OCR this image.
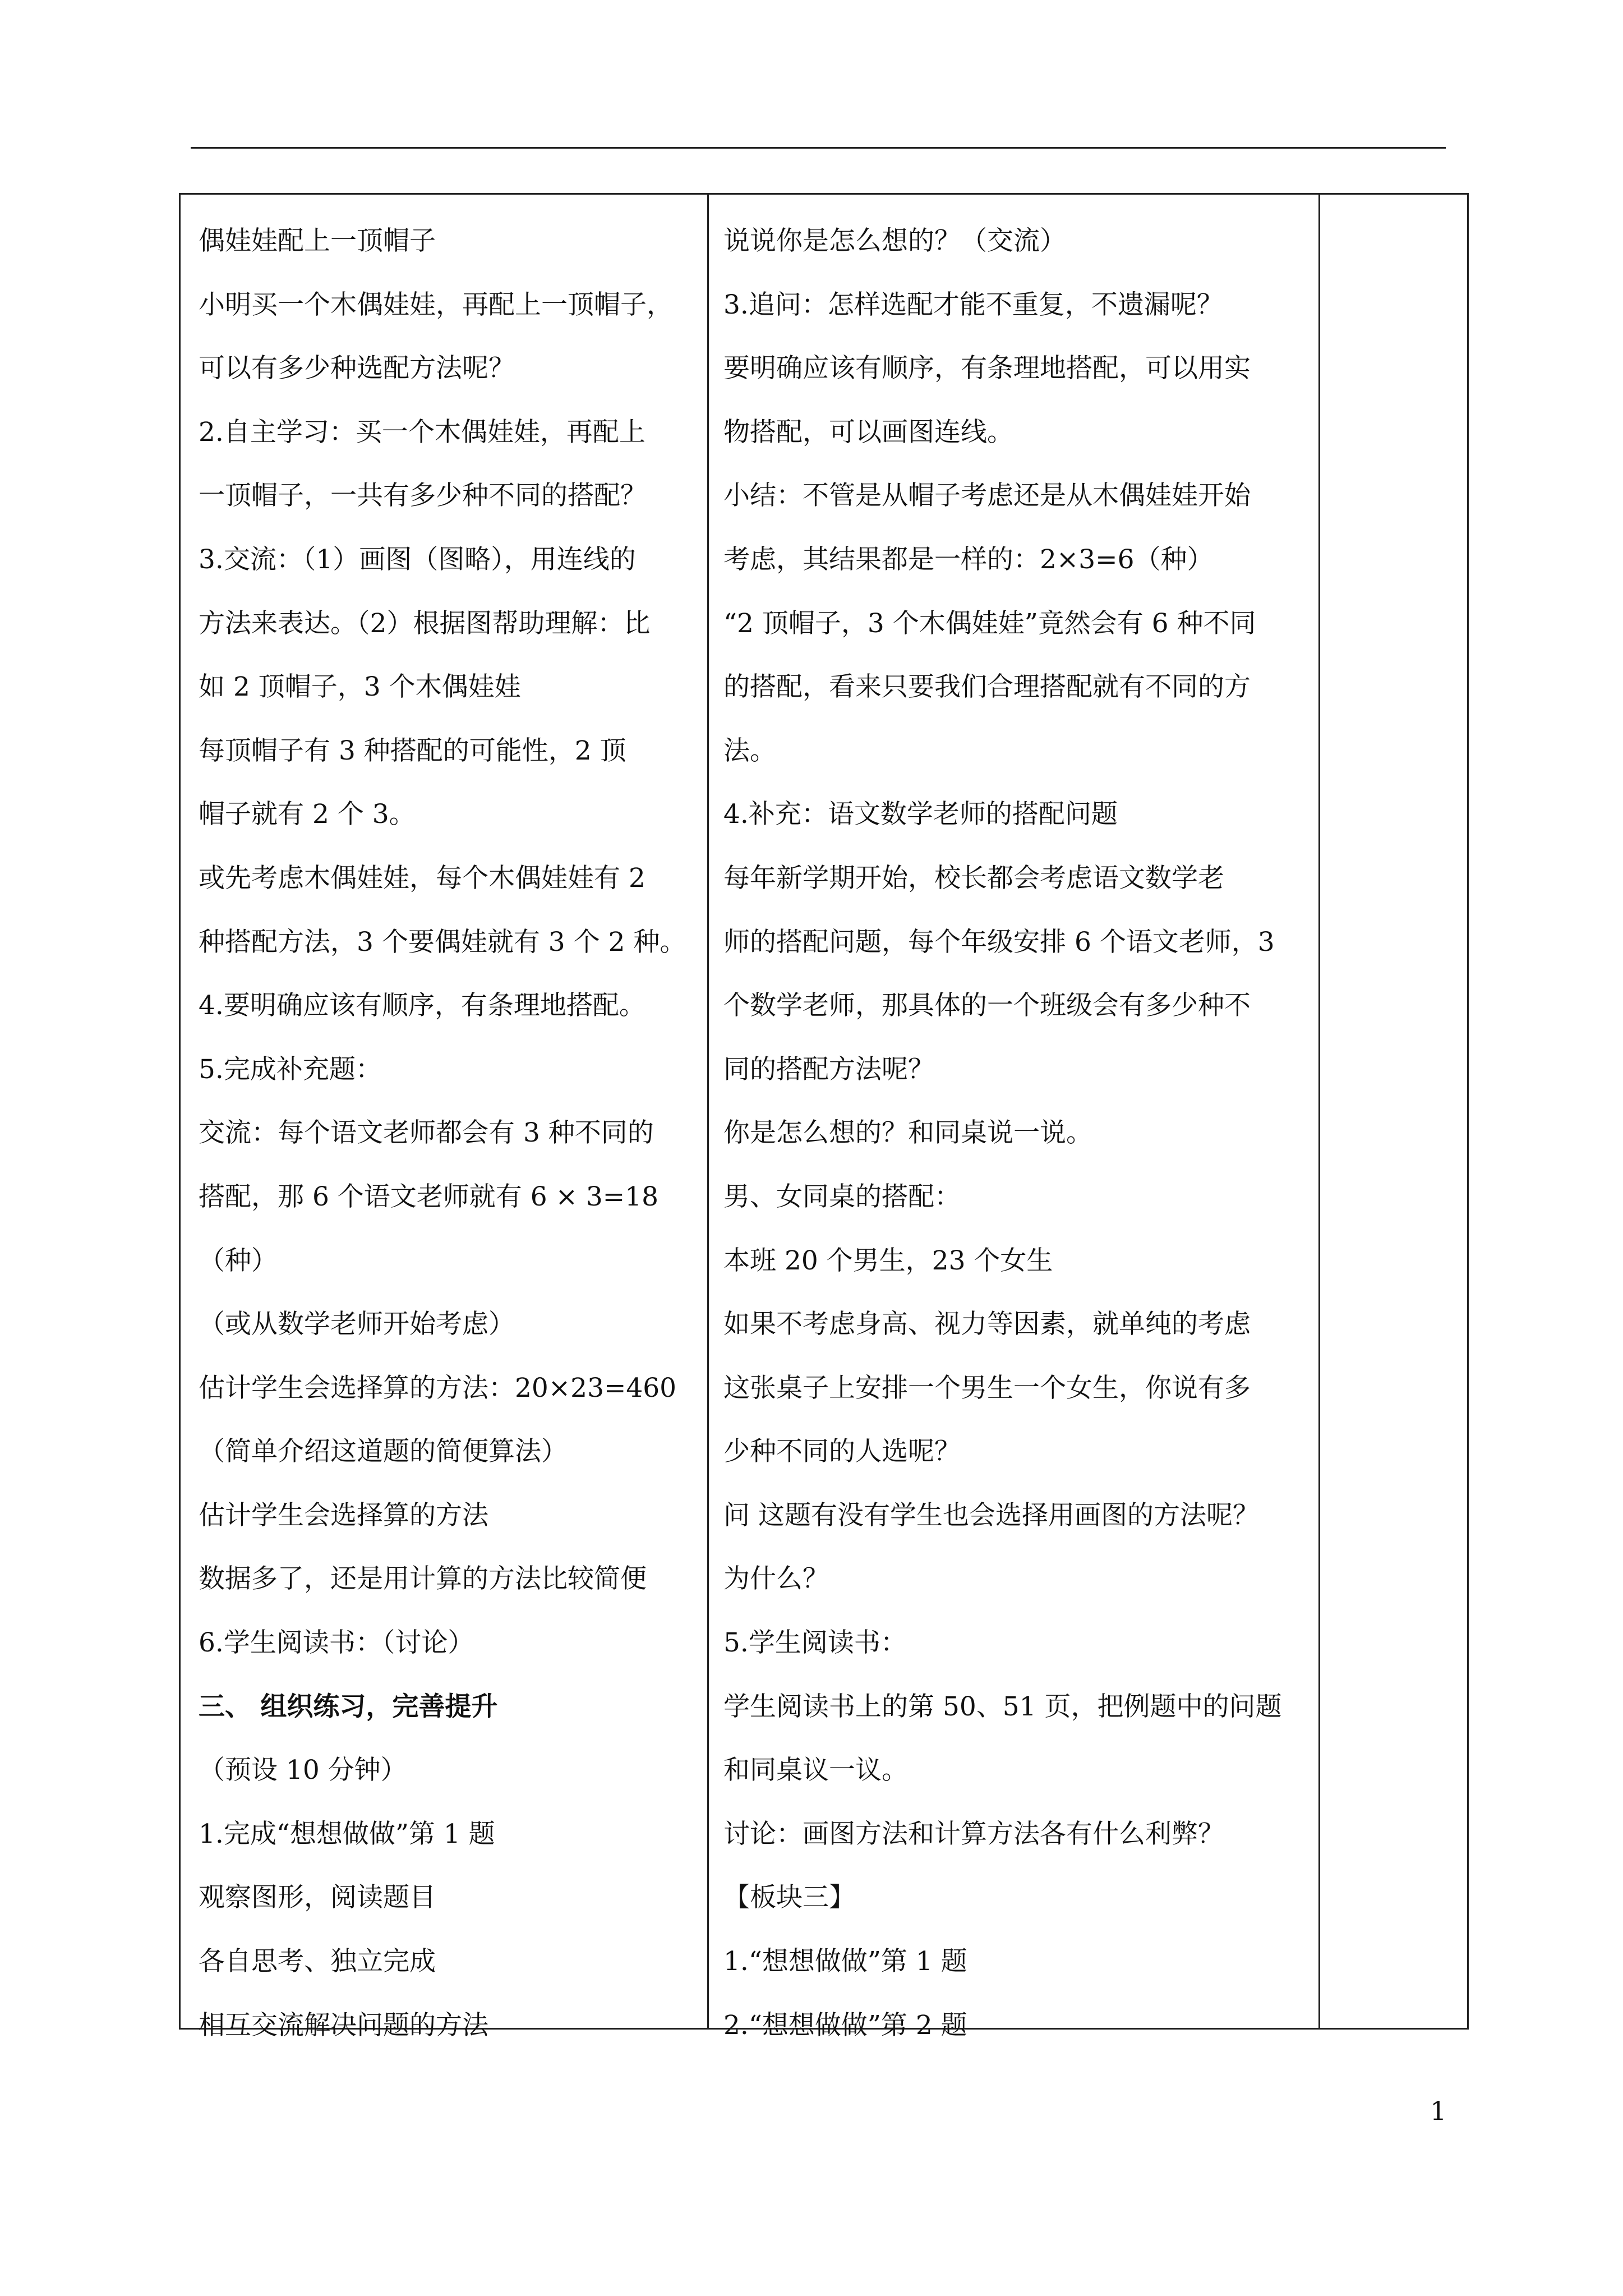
偶娃娃配上一顶帽子
小明买一个木偶娃娃，再配上一顶帽子，
可以有多少种选配方法呢？
2.自主学习：买一个木偶娃娃，再配上
一顶帽子，一共有多少种不同的搭配？
3.交流：（1）画图（图略），用连线的
方法来表达。（2）根据图帮助理解：比
如 2 顶帽子，3 个木偶娃娃
每顶帽子有 3 种搭配的可能性，2 顶
帽子就有 2 个 3。
或先考虑木偶娃娃，每个木偶娃娃有 2
种搭配方法，3 个要偶娃就有 3 个 2 种。
4.要明确应该有顺序，有条理地搭配。
5.完成补充题：
交流：每个语文老师都会有 3 种不同的
搭配，那 6 个语文老师就有 6 × 3=18
（种）
（或从数学老师开始考虑）
估计学生会选择算的方法：20×23=460
（简单介绍这道题的简便算法）
估计学生会选择算的方法
数据多了，还是用计算的方法比较简便
6.学生阅读书：（讨论）
三、 组织练习，完善提升
（预设 10 分钟）
1.完成“想想做做”第 1 题
观察图形，阅读题目
各自思考、独立完成
相互交流解决问题的方法
说说你是怎么想的？（交流）
3.追问：怎样选配才能不重复，不遗漏呢？
要明确应该有顺序，有条理地搭配，可以用实
物搭配，可以画图连线。
小结：不管是从帽子考虑还是从木偶娃娃开始
考虑，其结果都是一样的：2×3=6（种）
“2 顶帽子，3 个木偶娃娃”竟然会有 6 种不同
的搭配，看来只要我们合理搭配就有不同的方
法。
4.补充：语文数学老师的搭配问题
每年新学期开始，校长都会考虑语文数学老
师的搭配问题，每个年级安排 6 个语文老师，3
个数学老师，那具体的一个班级会有多少种不
同的搭配方法呢？
你是怎么想的？和同桌说一说。
男、女同桌的搭配：
本班 20 个男生，23 个女生
如果不考虑身高、视力等因素，就单纯的考虑
这张桌子上安排一个男生一个女生，你说有多
少种不同的人选呢？
问 这题有没有学生也会选择用画图的方法呢？
为什么？
5.学生阅读书：
学生阅读书上的第 50、51 页，把例题中的问题
和同桌议一议。
讨论：画图方法和计算方法各有什么利弊？
【板块三】
1.“想想做做”第 1 题
2.“想想做做”第 2 题
1
